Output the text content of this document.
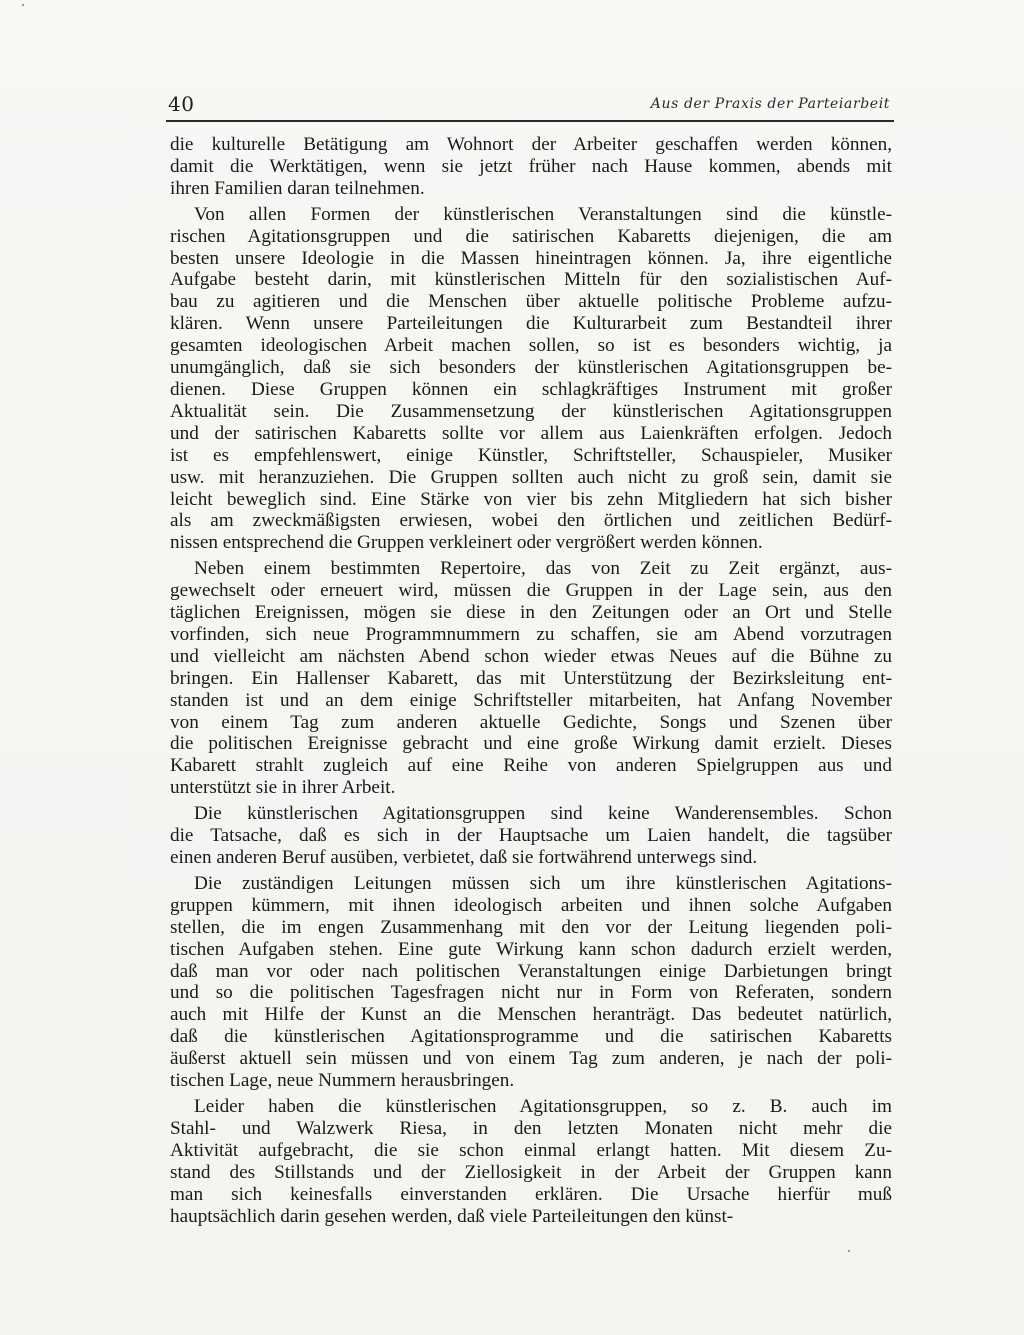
40	Aus der Praxis der Parteiarbeit
die kulturelle Betätigung am Wohnort der Arbeiter geschaffen werden können,
damit die Werktätigen, wenn sie jetzt früher nach Hause kommen, abends mit
ihren Familien daran teilnehmen.
Von allen Formen der künstlerischen Veranstaltungen sind die künstle-
rischen Agitationsgruppen und die satirischen Kabaretts diejenigen, die am
besten unsere Ideologie in die Massen hineintragen können. Ja, ihre eigentliche
Aufgabe besteht darin, mit künstlerischen Mitteln für den sozialistischen Auf-
bau zu agitieren und die Menschen über aktuelle politische Probleme aufzu-
klären. Wenn unsere Parteileitungen die Kulturarbeit zum Bestandteil ihrer
gesamten ideologischen Arbeit machen sollen, so ist es besonders wichtig, ja
unumgänglich, daß sie sich besonders der künstlerischen Agitationsgruppen be-
dienen. Diese Gruppen können ein schlagkräftiges Instrument mit großer
Aktualität sein. Die Zusammensetzung der künstlerischen Agitationsgruppen
und der satirischen Kabaretts sollte vor allem aus Laienkräften erfolgen. Jedoch
ist es empfehlenswert, einige Künstler, Schriftsteller, Schauspieler, Musiker
usw. mit heranzuziehen. Die Gruppen sollten auch nicht zu groß sein, damit sie
leicht beweglich sind. Eine Stärke von vier bis zehn Mitgliedern hat sich bisher
als am zweckmäßigsten erwiesen, wobei den örtlichen und zeitlichen Bedürf-
nissen entsprechend die Gruppen verkleinert oder vergrößert werden können.
Neben einem bestimmten Repertoire, das von Zeit zu Zeit ergänzt, aus-
gewechselt oder erneuert wird, müssen die Gruppen in der Lage sein, aus den
täglichen Ereignissen, mögen sie diese in den Zeitungen oder an Ort und Stelle
vorfinden, sich neue Programmnummern zu schaffen, sie am Abend vorzutragen
und vielleicht am nächsten Abend schon wieder etwas Neues auf die Bühne zu
bringen. Ein Hallenser Kabarett, das mit Unterstützung der Bezirksleitung ent-
standen ist und an dem einige Schriftsteller mitarbeiten, hat Anfang November
von einem Tag zum anderen aktuelle Gedichte, Songs und Szenen über
die politischen Ereignisse gebracht und eine große Wirkung damit erzielt. Dieses
Kabarett strahlt zugleich auf eine Reihe von anderen Spielgruppen aus und
unterstützt sie in ihrer Arbeit.
Die künstlerischen Agitationsgruppen sind keine Wanderensembles. Schon
die Tatsache, daß es sich in der Hauptsache um Laien handelt, die tagsüber
einen anderen Beruf ausüben, verbietet, daß sie fortwährend unterwegs sind.
Die zuständigen Leitungen müssen sich um ihre künstlerischen Agitations-
gruppen kümmern, mit ihnen ideologisch arbeiten und ihnen solche Aufgaben
stellen, die im engen Zusammenhang mit den vor der Leitung liegenden poli-
tischen Aufgaben stehen. Eine gute Wirkung kann schon dadurch erzielt werden,
daß man vor oder nach politischen Veranstaltungen einige Darbietungen bringt
und so die politischen Tagesfragen nicht nur in Form von Referaten, sondern
auch mit Hilfe der Kunst an die Menschen heranträgt. Das bedeutet natürlich,
daß die künstlerischen Agitationsprogramme und die satirischen Kabaretts
äußerst aktuell sein müssen und von einem Tag zum anderen, je nach der poli-
tischen Lage, neue Nummern herausbringen.
Leider haben die künstlerischen Agitationsgruppen, so z. B. auch im
Stahl- und Walzwerk Riesa, in den letzten Monaten nicht mehr die
Aktivität aufgebracht, die sie schon einmal erlangt hatten. Mit diesem Zu-
stand des Stillstands und der Ziellosigkeit in der Arbeit der Gruppen kann
man sich keinesfalls einverstanden erklären. Die Ursache hierfür muß
hauptsächlich darin gesehen werden, daß viele Parteileitungen den künst-
